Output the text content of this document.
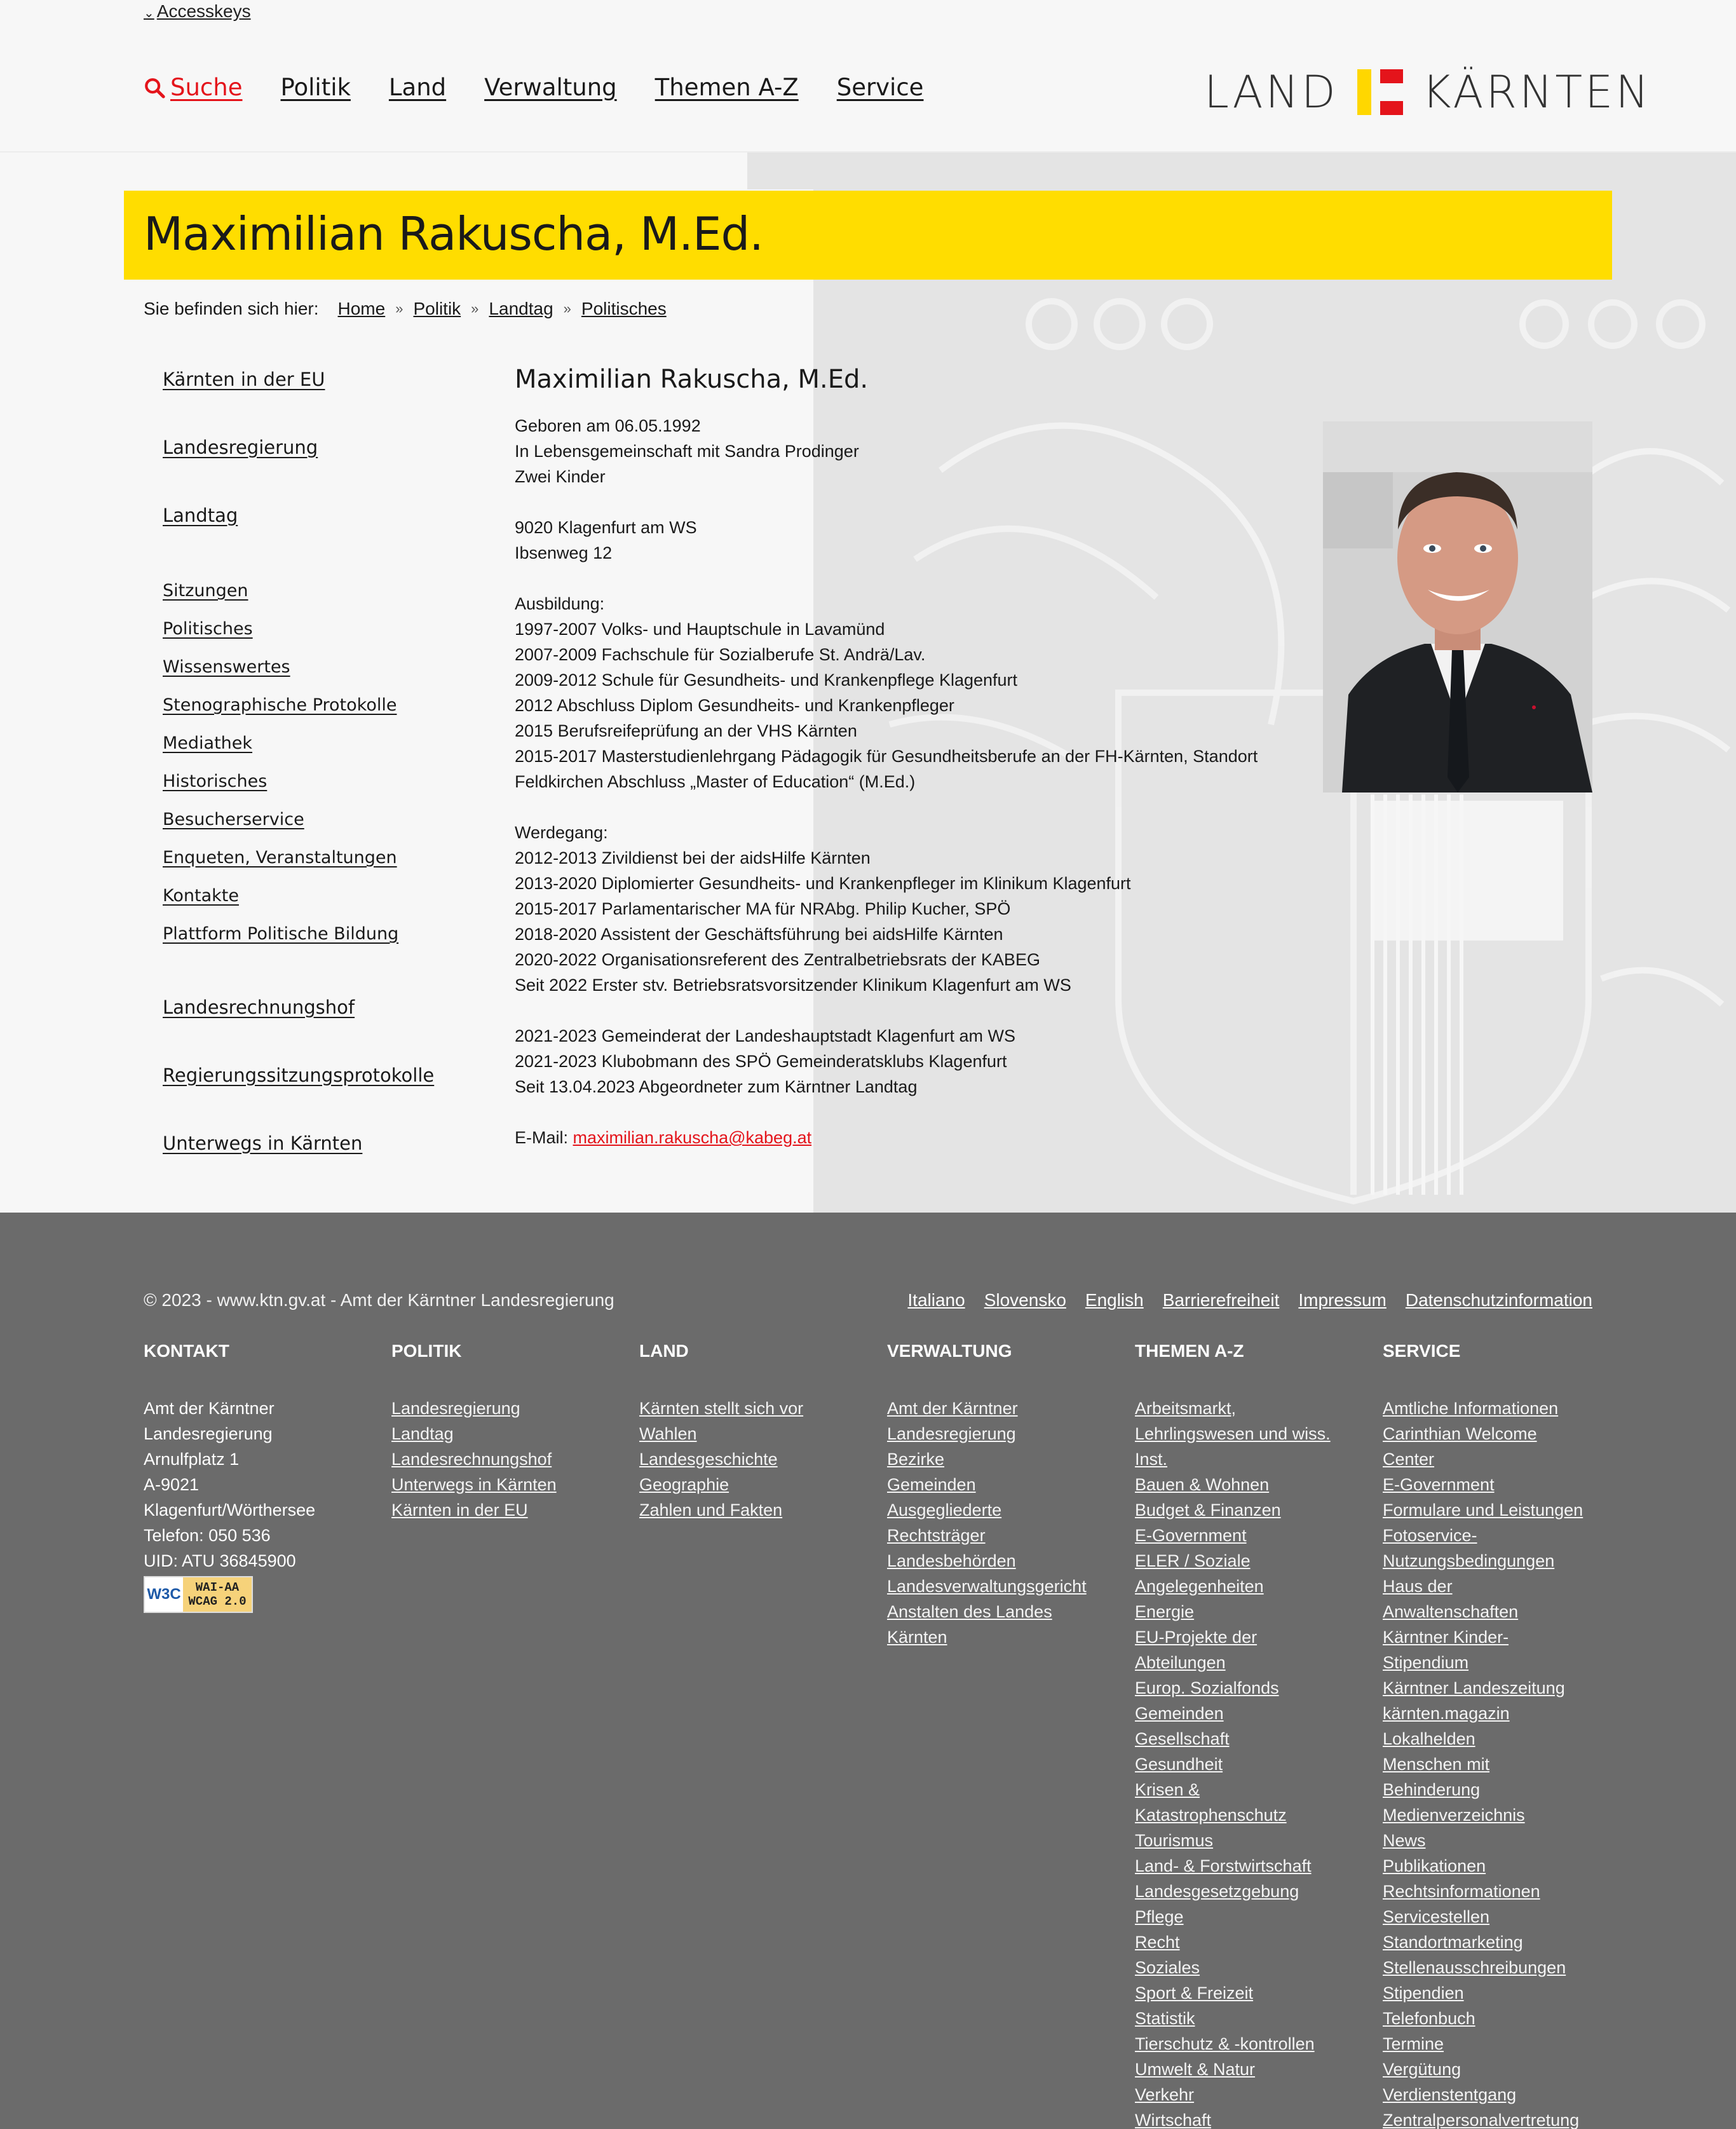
⌄ Accesskeys
Suche Politik Land Verwaltung Themen A-Z Service	LAND KÄRNTEN
Maximilian Rakuscha, M.Ed.
Sie befinden sich hier: Home » Politik » Landtag » Politisches
Kärnten in der EU
Landesregierung
Landtag
Sitzungen
Politisches
Wissenswertes
Stenographische Protokolle
Mediathek
Historisches
Besucherservice
Enqueten, Veranstaltungen
Kontakte
Plattform Politische Bildung
Landesrechnungshof
Regierungssitzungsprotokolle
Unterwegs in Kärnten
Maximilian Rakuscha, M.Ed.
Geboren am 06.05.1992
In Lebensgemeinschaft mit Sandra Prodinger
Zwei Kinder
9020 Klagenfurt am WS
Ibsenweg 12
Ausbildung:
1997-2007 Volks- und Hauptschule in Lavamünd
2007-2009 Fachschule für Sozialberufe St. Andrä/Lav.
2009-2012 Schule für Gesundheits- und Krankenpflege Klagenfurt
2012 Abschluss Diplom Gesundheits- und Krankenpfleger
2015 Berufsreifeprüfung an der VHS Kärnten
2015-2017 Masterstudienlehrgang Pädagogik für Gesundheitsberufe an der FH-Kärnten, Standort
Feldkirchen Abschluss „Master of Education“ (M.Ed.)
Werdegang:
2012-2013 Zivildienst bei der aidsHilfe Kärnten
2013-2020 Diplomierter Gesundheits- und Krankenpfleger im Klinikum Klagenfurt
2015-2017 Parlamentarischer MA für NRAbg. Philip Kucher, SPÖ
2018-2020 Assistent der Geschäftsführung bei aidsHilfe Kärnten
2020-2022 Organisationsreferent des Zentralbetriebsrats der KABEG
Seit 2022 Erster stv. Betriebsratsvorsitzender Klinikum Klagenfurt am WS
2021-2023 Gemeinderat der Landeshauptstadt Klagenfurt am WS
2021-2023 Klubobmann des SPÖ Gemeinderatsklubs Klagenfurt
Seit 13.04.2023 Abgeordneter zum Kärntner Landtag
E-Mail: maximilian.rakuscha@kabeg.at
© 2023 - www.ktn.gv.at - Amt der Kärntner Landesregierung	Italiano Slovensko English Barrierefreiheit Impressum Datenschutzinformation
KONTAKT
Amt der Kärntner
Landesregierung
Arnulfplatz 1
A-9021
Klagenfurt/Wörthersee
Telefon: 050 536
UID: ATU 36845900
W3C WAI-AA
WCAG 2.0
POLITIK
Landesregierung
Landtag
Landesrechnungshof
Unterwegs in Kärnten
Kärnten in der EU
LAND
Kärnten stellt sich vor
Wahlen
Landesgeschichte
Geographie
Zahlen und Fakten
VERWALTUNG
Amt der Kärntner
Landesregierung
Bezirke
Gemeinden
Ausgegliederte
Rechtsträger
Landesbehörden
Landesverwaltungsgericht
Anstalten des Landes
Kärnten
THEMEN A-Z
Arbeitsmarkt,
Lehrlingswesen und wiss.
Inst.
Bauen & Wohnen
Budget & Finanzen
E-Government
ELER / Soziale
Angelegenheiten
Energie
EU-Projekte der
Abteilungen
Europ. Sozialfonds
Gemeinden
Gesellschaft
Gesundheit
Krisen &
Katastrophenschutz
Tourismus
Land- & Forstwirtschaft
Landesgesetzgebung
Pflege
Recht
Soziales
Sport & Freizeit
Statistik
Tierschutz & -kontrollen
Umwelt & Natur
Verkehr
Wirtschaft
SERVICE
Amtliche Informationen
Carinthian Welcome
Center
E-Government
Formulare und Leistungen
Fotoservice-
Nutzungsbedingungen
Haus der
Anwaltenschaften
Kärntner Kinder-
Stipendium
Kärntner Landeszeitung
kärnten.magazin
Lokalhelden
Menschen mit
Behinderung
Medienverzeichnis
News
Publikationen
Rechtsinformationen
Servicestellen
Standortmarketing
Stellenausschreibungen
Stipendien
Telefonbuch
Termine
Vergütung
Verdienstentgang
Zentralpersonalvertretung
